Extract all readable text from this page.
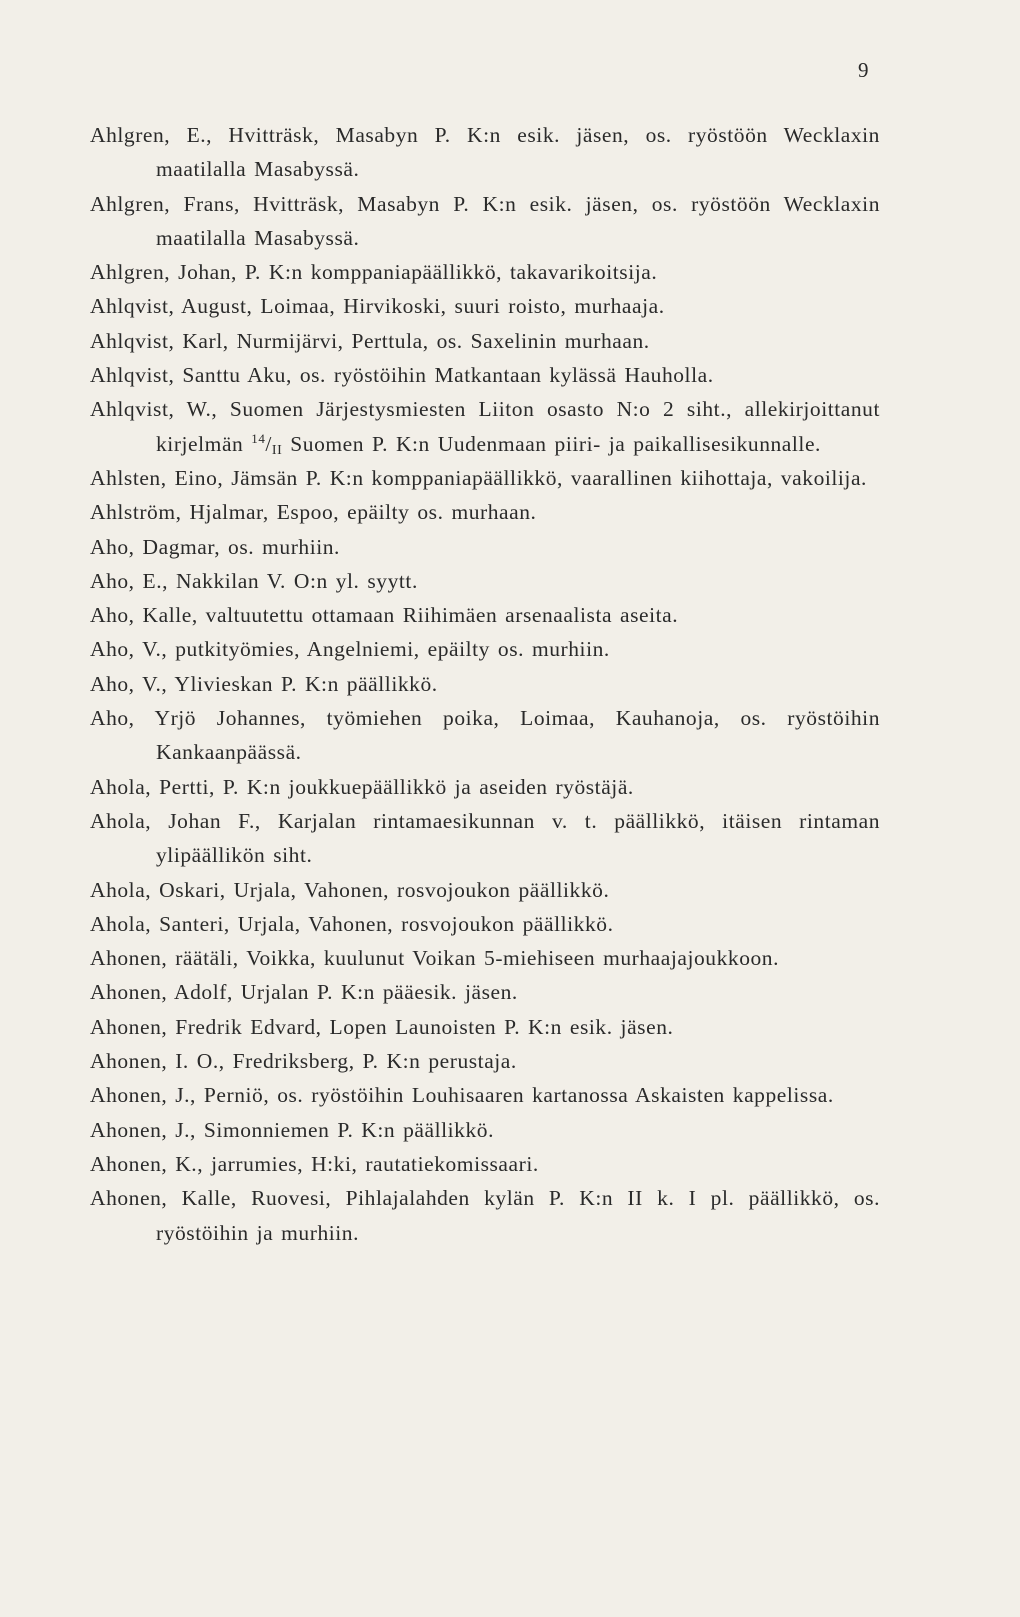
9
Ahlgren, E., Hvitträsk, Masabyn P. K:n esik. jäsen, os. ryöstöön Wecklaxin maatilalla Masabyssä.
Ahlgren, Frans, Hvitträsk, Masabyn P. K:n esik. jäsen, os. ryöstöön Wecklaxin maatilalla Masabyssä.
Ahlgren, Johan, P. K:n komppaniapäällikkö, takavarikoitsija.
Ahlqvist, August, Loimaa, Hirvikoski, suuri roisto, murhaaja.
Ahlqvist, Karl, Nurmijärvi, Perttula, os. Saxelinin murhaan.
Ahlqvist, Santtu Aku, os. ryöstöihin Matkantaan kylässä Hauholla.
Ahlqvist, W., Suomen Järjestysmiesten Liiton osasto N:o 2 siht., allekirjoittanut kirjelmän $^{14}/_{II}$ Suomen P. K:n Uudenmaan piiri- ja paikallisesikunnalle.
Ahlsten, Eino, Jämsän P. K:n komppaniapäällikkö, vaarallinen kiihottaja, vakoilija.
Ahlström, Hjalmar, Espoo, epäilty os. murhaan.
Aho, Dagmar, os. murhiin.
Aho, E., Nakkilan V. O:n yl. syytt.
Aho, Kalle, valtuutettu ottamaan Riihimäen arsenaalista aseita.
Aho, V., putkityömies, Angelniemi, epäilty os. murhiin.
Aho, V., Ylivieskan P. K:n päällikkö.
Aho, Yrjö Johannes, työmiehen poika, Loimaa, Kauhanoja, os. ryöstöihin Kankaanpäässä.
Ahola, Pertti, P. K:n joukkuepäällikkö ja aseiden ryöstäjä.
Ahola, Johan F., Karjalan rintamaesikunnan v. t. päällikkö, itäisen rintaman ylipäällikön siht.
Ahola, Oskari, Urjala, Vahonen, rosvojoukon päällikkö.
Ahola, Santeri, Urjala, Vahonen, rosvojoukon päällikkö.
Ahonen, räätäli, Voikka, kuulunut Voikan 5-miehiseen murhaajajoukkoon.
Ahonen, Adolf, Urjalan P. K:n pääesik. jäsen.
Ahonen, Fredrik Edvard, Lopen Launoisten P. K:n esik. jäsen.
Ahonen, I. O., Fredriksberg, P. K:n perustaja.
Ahonen, J., Perniö, os. ryöstöihin Louhisaaren kartanossa Askaisten kappelissa.
Ahonen, J., Simonniemen P. K:n päällikkö.
Ahonen, K., jarrumies, H:ki, rautatiekomissaari.
Ahonen, Kalle, Ruovesi, Pihlajalahden kylän P. K:n II k. I pl. päällikkö, os. ryöstöihin ja murhiin.
